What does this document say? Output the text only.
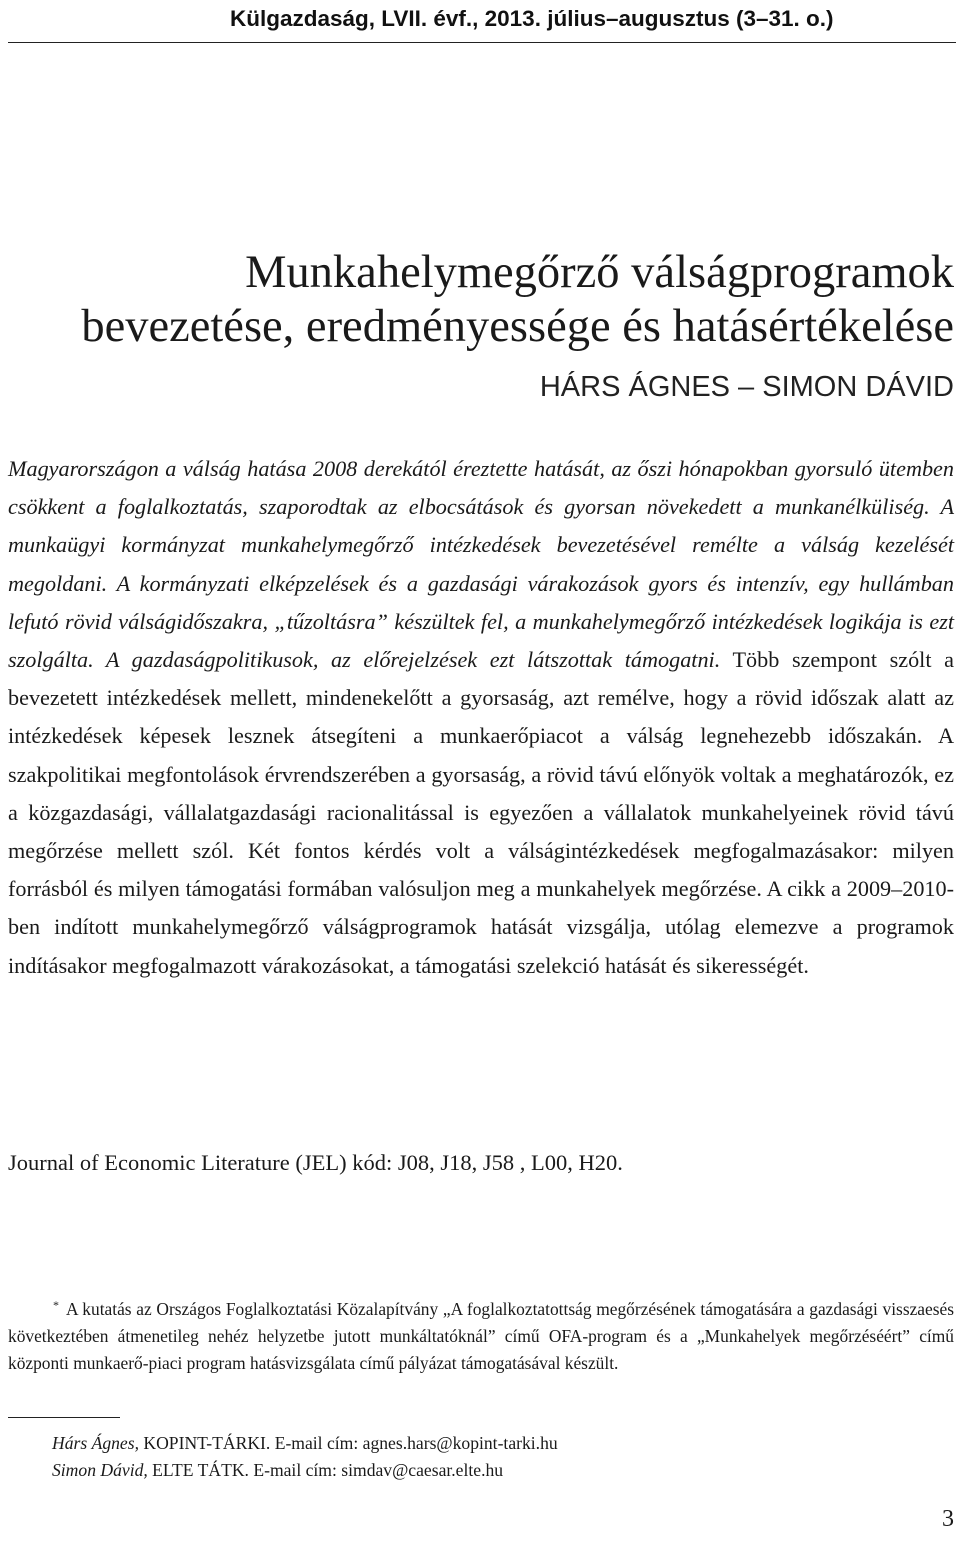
Külgazdaság, LVII. évf., 2013. július–augusztus (3–31. o.)
Munkahelymegőrző válságprogramok
bevezetése, eredményessége és hatásértékelése
HÁRS ÁGNES – SIMON DÁVID

Magyarországon a válság hatása 2008 derekától éreztette hatását, az őszi hónapokban gyorsuló ütemben csökkent a foglalkoztatás, szaporodtak az elbocsátások és gyorsan növekedett a munkanélküliség. A munkaügyi kormányzat munkahelymegőrző intézkedések bevezetésével remélte a válság kezelését megoldani. A kormányzati elképzelések és a gazdasági várakozások gyors és intenzív, egy hullámban lefutó rövid válságidőszakra, „tűzoltásra” készültek fel, a munkahelymegőrző intézkedések logikája is ezt szolgálta. A gazdaságpolitikusok, az előrejelzések ezt látszottak támogatni. Több szempont szólt a bevezetett intézkedések mellett, mindenekelőtt a gyorsaság, azt remélve, hogy a rövid időszak alatt az intézkedések képesek lesznek átsegíteni a munkaerőpiacot a válság legnehezebb időszakán. A szakpolitikai megfontolások érvrendszerében a gyorsaság, a rövid távú előnyök voltak a meghatározók, ez a közgazdasági, vállalatgazdasági racionalitással is egyezően a vállalatok munkahelyeinek rövid távú megőrzése mellett szól. Két fontos kérdés volt a válságintézkedések megfogalmazásakor: milyen forrásból és milyen támogatási formában valósuljon meg a munkahelyek megőrzése. A cikk a 2009–2010-ben indított munkahelymegőrző válságprogramok hatását vizsgálja, utólag elemezve a programok indításakor megfogalmazott várakozásokat, a támogatási szelekció hatását és sikerességét.

Journal of Economic Literature (JEL) kód: J08, J18, J58 , L00, H20.

* A kutatás az Országos Foglalkoztatási Közalapítvány „A foglalkoztatottság megőrzésének támogatására a gazdasági visszaesés következtében átmenetileg nehéz helyzetbe jutott munkáltatóknál” című OFA-program és a „Munkahelyek megőrzéséért” című központi munkaerő-piaci program hatásvizsgálata című pályázat támogatásával készült.

Hárs Ágnes, KOPINT-TÁRKI. E-mail cím: agnes.hars@kopint-tarki.hu
Simon Dávid, ELTE TÁTK. E-mail cím: simdav@caesar.elte.hu
3
